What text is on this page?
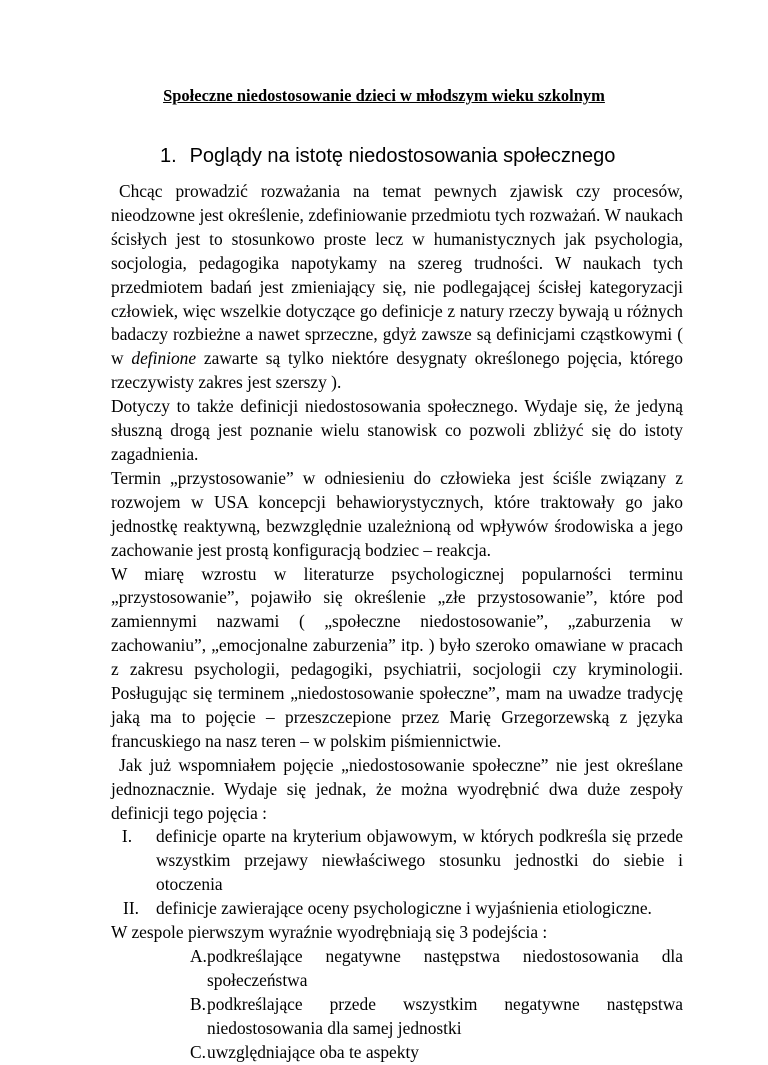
Społeczne niedostosowanie dzieci w młodszym wieku szkolnym
1. Poglądy na istotę niedostosowania społecznego

Chcąc prowadzić rozważania na temat pewnych zjawisk czy procesów, nieodzowne jest określenie, zdefiniowanie przedmiotu tych rozważań. W naukach ścisłych jest to stosunkowo proste lecz w humanistycznych jak psychologia, socjologia, pedagogika napotykamy na szereg trudności. W naukach tych przedmiotem badań jest zmieniający się, nie podlegającej ścisłej kategoryzacji człowiek, więc wszelkie dotyczące go definicje z natury rzeczy bywają u różnych badaczy rozbieżne a nawet sprzeczne, gdyż zawsze są definicjami cząstkowymi ( w definione zawarte są tylko niektóre desygnaty określonego pojęcia, którego rzeczywisty zakres jest szerszy ).

Dotyczy to także definicji niedostosowania społecznego. Wydaje się, że jedyną słuszną drogą jest poznanie wielu stanowisk co pozwoli zbliżyć się do istoty zagadnienia.

Termin „przystosowanie” w odniesieniu do człowieka jest ściśle związany z rozwojem w USA koncepcji behawiorystycznych, które traktowały go jako jednostkę reaktywną, bezwzględnie uzależnioną od wpływów środowiska a jego zachowanie jest prostą konfiguracją bodziec – reakcja.

W miarę wzrostu w literaturze psychologicznej popularności terminu „przystosowanie”, pojawiło się określenie „złe przystosowanie”, które pod zamiennymi nazwami ( „społeczne niedostosowanie”, „zaburzenia w zachowaniu”, „emocjonalne zaburzenia” itp. ) było szeroko omawiane w pracach z zakresu psychologii, pedagogiki, psychiatrii, socjologii czy kryminologii. Posługując się terminem „niedostosowanie społeczne”, mam na uwadze tradycję jaką ma to pojęcie – przeszczepione przez Marię Grzegorzewską z języka francuskiego na nasz teren – w polskim piśmiennictwie.

Jak już wspomniałem pojęcie „niedostosowanie społeczne” nie jest określane jednoznacznie. Wydaje się jednak, że można wyodrębnić dwa duże zespoły definicji tego pojęcia :

I.	definicje oparte na kryterium objawowym, w których podkreśla się przede wszystkim przejawy niewłaściwego stosunku jednostki do siebie i otoczenia
II. definicje zawierające oceny psychologiczne i wyjaśnienia etiologiczne.

W zespole pierwszym wyraźnie wyodrębniają się 3 podejścia :

A. podkreślające negatywne następstwa niedostosowania dla społeczeństwa
B. podkreślające przede wszystkim negatywne następstwa niedostosowania dla samej jednostki
C. uwzględniające oba te aspekty
